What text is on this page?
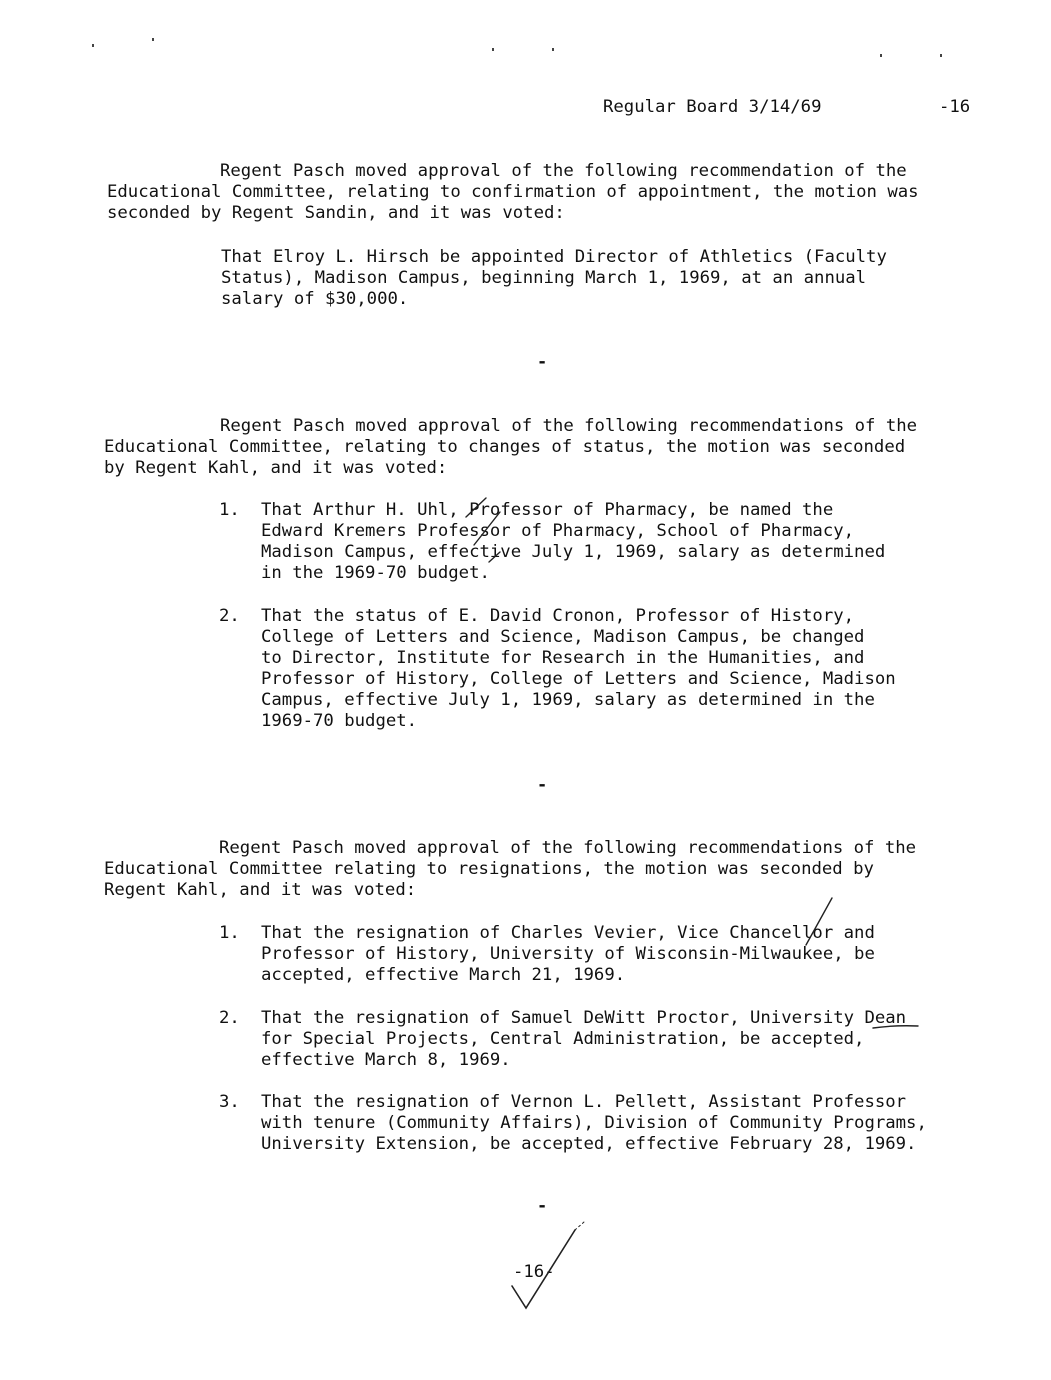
Regular Board 3/14/69	-16
Regent Pasch moved approval of the following recommendation of the
Educational Committee, relating to confirmation of appointment, the motion was
seconded by Regent Sandin, and it was voted:
That Elroy L. Hirsch be appointed Director of Athletics (Faculty
Status), Madison Campus, beginning March 1, 1969, at an annual
salary of $30,000.
-
Regent Pasch moved approval of the following recommendations of the
Educational Committee, relating to changes of status, the motion was seconded
by Regent Kahl, and it was voted:
1. That Arthur H. Uhl, Professor of Pharmacy, be named the
Edward Kremers Professor of Pharmacy, School of Pharmacy,
Madison Campus, effective July 1, 1969, salary as determined
in the 1969-70 budget.
2. That the status of E. David Cronon, Professor of History,
College of Letters and Science, Madison Campus, be changed
to Director, Institute for Research in the Humanities, and
Professor of History, College of Letters and Science, Madison
Campus, effective July 1, 1969, salary as determined in the
1969-70 budget.
-
Regent Pasch moved approval of the following recommendations of the
Educational Committee relating to resignations, the motion was seconded by
Regent Kahl, and it was voted:
1. That the resignation of Charles Vevier, Vice Chancellor and
Professor of History, University of Wisconsin-Milwaukee, be
accepted, effective March 21, 1969.
2. That the resignation of Samuel DeWitt Proctor, University Dean
for Special Projects, Central Administration, be accepted,
effective March 8, 1969.
3. That the resignation of Vernon L. Pellett, Assistant Professor
with tenure (Community Affairs), Division of Community Programs,
University Extension, be accepted, effective February 28, 1969.
-
-16-
